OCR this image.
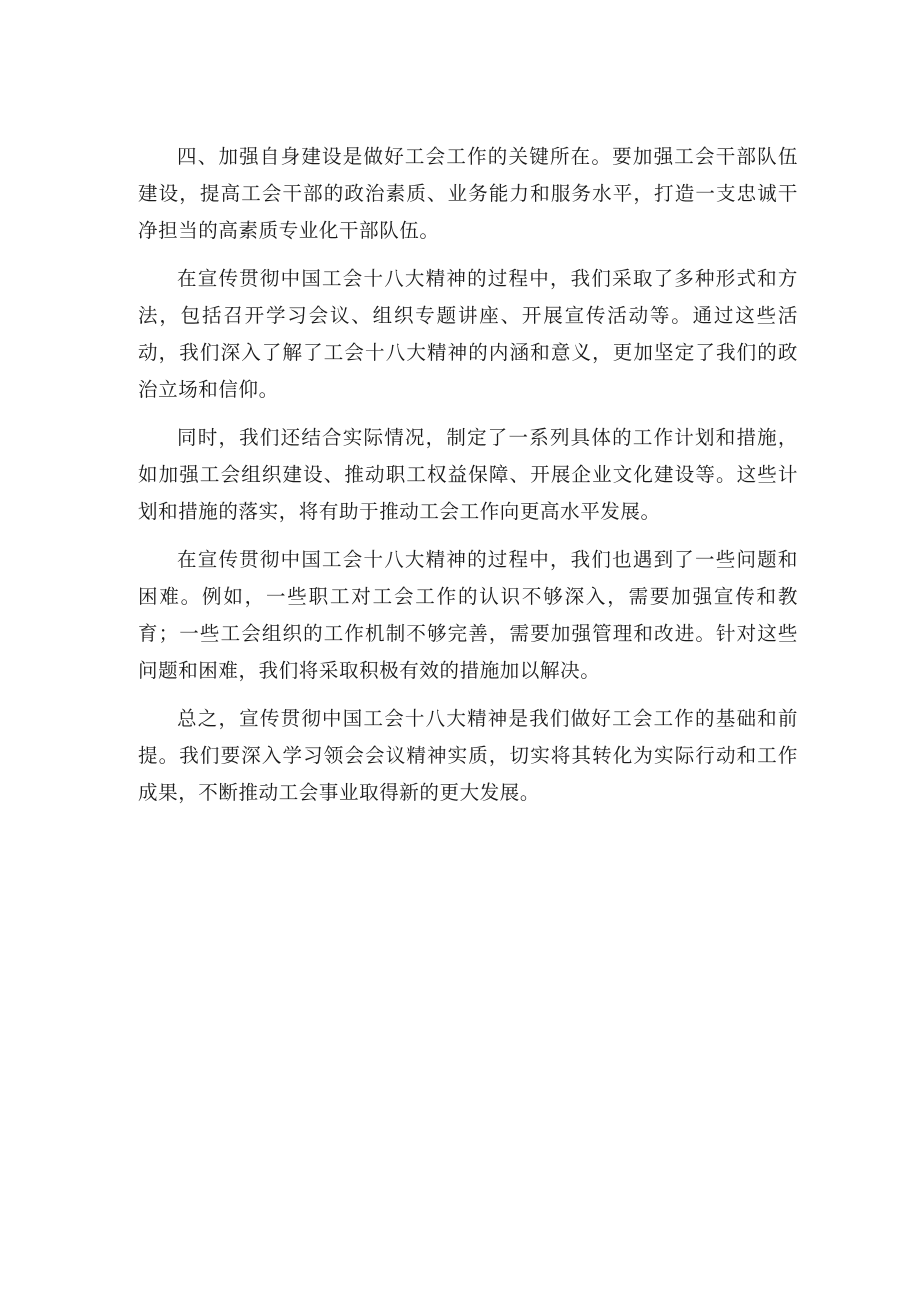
四、加强自身建设是做好工会工作的关键所在。要加强工会干部队伍建设，提高工会干部的政治素质、业务能力和服务水平，打造一支忠诚干净担当的高素质专业化干部队伍。

在宣传贯彻中国工会十八大精神的过程中，我们采取了多种形式和方法，包括召开学习会议、组织专题讲座、开展宣传活动等。通过这些活动，我们深入了解了工会十八大精神的内涵和意义，更加坚定了我们的政治立场和信仰。

同时，我们还结合实际情况，制定了一系列具体的工作计划和措施，如加强工会组织建设、推动职工权益保障、开展企业文化建设等。这些计划和措施的落实，将有助于推动工会工作向更高水平发展。

在宣传贯彻中国工会十八大精神的过程中，我们也遇到了一些问题和困难。例如，一些职工对工会工作的认识不够深入，需要加强宣传和教育；一些工会组织的工作机制不够完善，需要加强管理和改进。针对这些问题和困难，我们将采取积极有效的措施加以解决。

总之，宣传贯彻中国工会十八大精神是我们做好工会工作的基础和前提。我们要深入学习领会会议精神实质，切实将其转化为实际行动和工作成果，不断推动工会事业取得新的更大发展。
